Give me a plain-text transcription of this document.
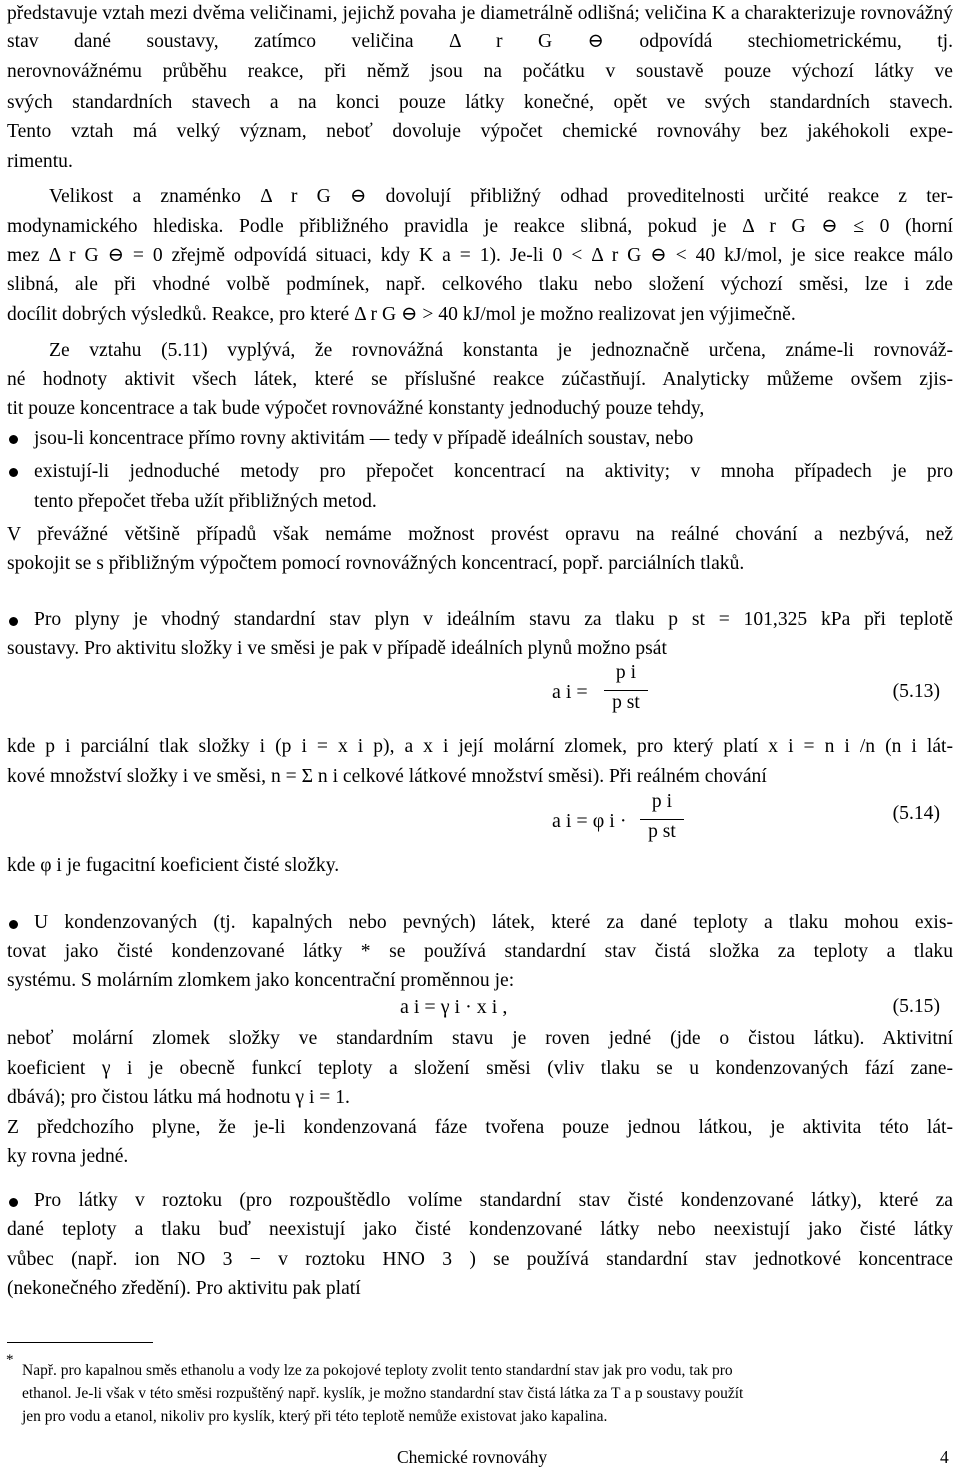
představuje vztah mezi dvěma veličinami, jejichž povaha je diametrálně odlišná; veličina K a charakterizuje rovnovážný stav dané soustavy, zatímco veličina Δ r G ⊖ odpovídá stechiometrickému, tj.

nerovnovážnému průběhu reakce, při němž jsou na počátku v soustavě pouze výchozí látky ve

svých standardních stavech a na konci pouze látky konečné, opět ve svých standardních stavech.

Tento vztah má velký význam, neboť dovoluje výpočet chemické rovnováhy bez jakéhokoli expe-

rimentu.

Velikost a znaménko Δ r G ⊖ dovolují přibližný odhad proveditelnosti určité reakce z ter-

modynamického hlediska. Podle přibližného pravidla je reakce slibná, pokud je Δ r G ⊖ ≤ 0 (horní

mez Δ r G ⊖ = 0 zřejmě odpovídá situaci, kdy K a = 1). Je-li 0 < Δ r G ⊖ < 40 kJ/mol, je sice reakce málo

slibná, ale při vhodné volbě podmínek, např. celkového tlaku nebo složení výchozí směsi, lze i zde

docílit dobrých výsledků. Reakce, pro které Δ r G ⊖ > 40 kJ/mol je možno realizovat jen výjimečně.

Ze vztahu (5.11) vyplývá, že rovnovážná konstanta je jednoznačně určena, známe-li rovnováž-

né hodnoty aktivit všech látek, které se příslušné reakce zúčastňují. Analyticky můžeme ovšem zjis-

tit pouze koncentrace a tak bude výpočet rovnovážné konstanty jednoduchý pouze tehdy,

jsou-li koncentrace přímo rovny aktivitám — tedy v případě ideálních soustav, nebo

existují-li jednoduché metody pro přepočet koncentrací na aktivity; v mnoha případech je pro

tento přepočet třeba užít přibližných metod.

V převážné většině případů však nemáme možnost provést opravu na reálné chování a nezbývá, než

spokojit se s přibližným výpočtem pomocí rovnovážných koncentrací, popř. parciálních tlaků.

Pro plyny je vhodný standardní stav plyn v ideálním stavu za tlaku p st = 101,325 kPa při teplotě

soustavy. Pro aktivitu složky i ve směsi je pak v případě ideálních plynů možno psát

a i =
p i
p st
(5.13)

kde p i parciální tlak složky i (p i = x i p), a x i její molární zlomek, pro který platí x i = n i /n (n i lát-

kové množství složky i ve směsi, n = Σ n i celkové látkové množství směsi). Při reálném chování

a i = φ i ·
p i
p st
(5.14)

kde φ i je fugacitní koeficient čisté složky.

U kondenzovaných (tj. kapalných nebo pevných) látek, které za dané teploty a tlaku mohou exis-

tovat jako čisté kondenzované látky * se používá standardní stav čistá složka za teploty a tlaku

systému. S molárním zlomkem jako koncentrační proměnnou je:

a i = γ i · x i ,	(5.15)

neboť molární zlomek složky ve standardním stavu je roven jedné (jde o čistou látku). Aktivitní

koeficient γ i je obecně funkcí teploty a složení směsi (vliv tlaku se u kondenzovaných fází zane-

dbává); pro čistou látku má hodnotu γ i = 1.

Z předchozího plyne, že je-li kondenzovaná fáze tvořena pouze jednou látkou, je aktivita této lát-

ky rovna jedné.

Pro látky v roztoku (pro rozpouštědlo volíme standardní stav čisté kondenzované látky), které za

dané teploty a tlaku buď neexistují jako čisté kondenzované látky nebo neexistují jako čisté látky

vůbec (např. ion NO 3 − v roztoku HNO 3 ) se používá standardní stav jednotkové koncentrace

(nekonečného zředění). Pro aktivitu pak platí

*

Např. pro kapalnou směs ethanolu a vody lze za pokojové teploty zvolit tento standardní stav jak pro vodu, tak pro

ethanol. Je-li však v této směsi rozpuštěný např. kyslík, je možno standardní stav čistá látka za T a p soustavy použít

jen pro vodu a etanol, nikoliv pro kyslík, který při této teplotě nemůže existovat jako kapalina.

Chemické rovnováhy	4
